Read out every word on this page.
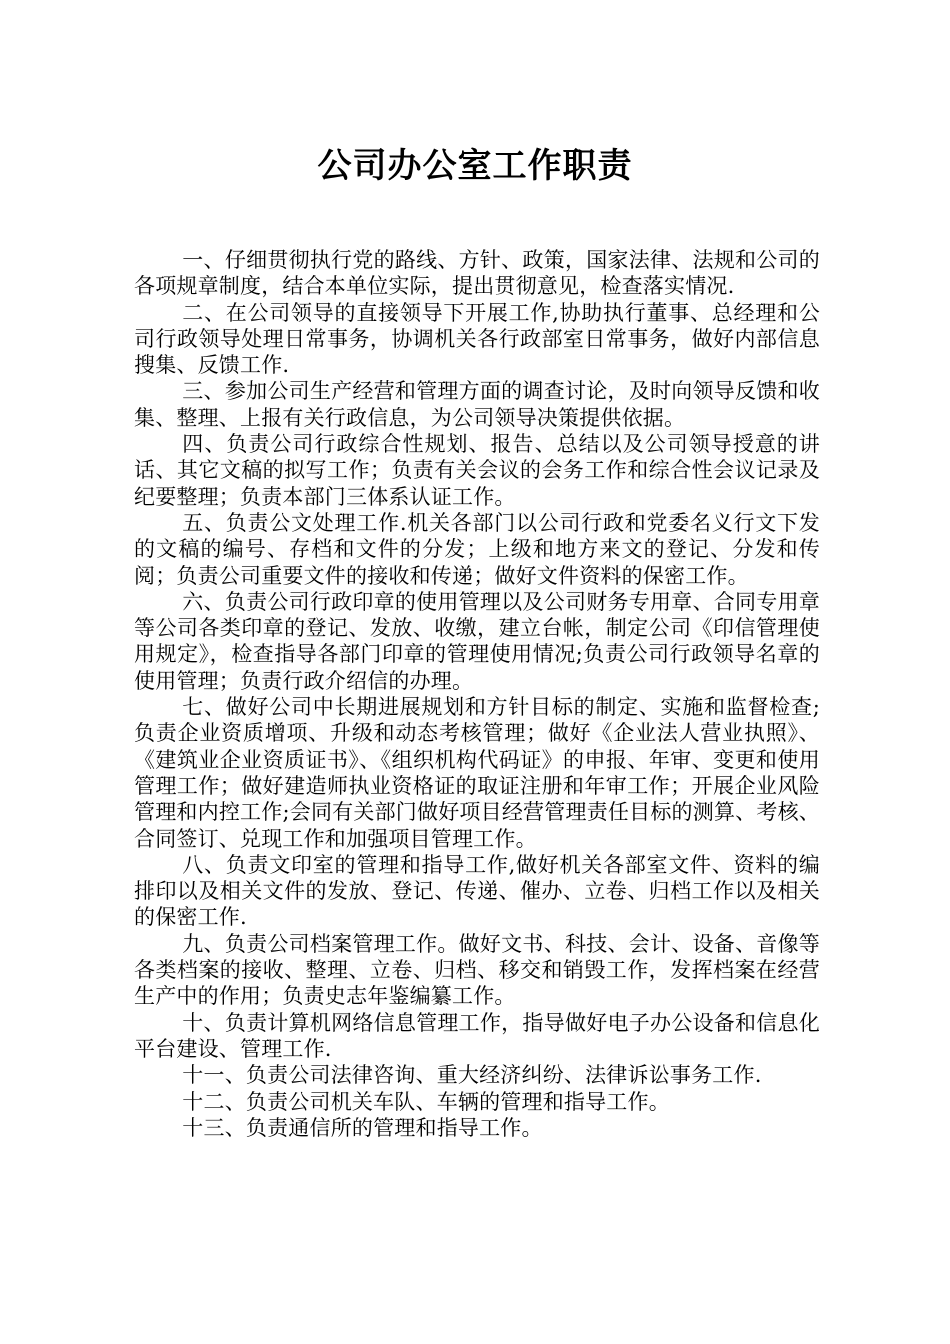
公司办公室工作职责

一、仔细贯彻执行党的路线、方针、政策，国家法律、法规和公司的各项规章制度，结合本单位实际，提出贯彻意见，检查落实情况.

二、在公司领导的直接领导下开展工作,协助执行董事、总经理和公司行政领导处理日常事务，协调机关各行政部室日常事务，做好内部信息搜集、反馈工作.

三、参加公司生产经营和管理方面的调查讨论，及时向领导反馈和收集、整理、上报有关行政信息，为公司领导决策提供依据。

四、负责公司行政综合性规划、报告、总结以及公司领导授意的讲话、其它文稿的拟写工作；负责有关会议的会务工作和综合性会议记录及纪要整理；负责本部门三体系认证工作。

五、负责公文处理工作.机关各部门以公司行政和党委名义行文下发的文稿的编号、存档和文件的分发；上级和地方来文的登记、分发和传阅；负责公司重要文件的接收和传递；做好文件资料的保密工作。

六、负责公司行政印章的使用管理以及公司财务专用章、合同专用章等公司各类印章的登记、发放、收缴，建立台帐，制定公司《印信管理使用规定》，检查指导各部门印章的管理使用情况;负责公司行政领导名章的使用管理；负责行政介绍信的办理。

七、做好公司中长期进展规划和方针目标的制定、实施和监督检查;负责企业资质增项、升级和动态考核管理；做好《企业法人营业执照》、《建筑业企业资质证书》、《组织机构代码证》的申报、年审、变更和使用管理工作；做好建造师执业资格证的取证注册和年审工作；开展企业风险管理和内控工作;会同有关部门做好项目经营管理责任目标的测算、考核、合同签订、兑现工作和加强项目管理工作。

八、负责文印室的管理和指导工作,做好机关各部室文件、资料的编排印以及相关文件的发放、登记、传递、催办、立卷、归档工作以及相关的保密工作.

九、负责公司档案管理工作。做好文书、科技、会计、设备、音像等各类档案的接收、整理、立卷、归档、移交和销毁工作，发挥档案在经营生产中的作用；负责史志年鉴编纂工作。

十、负责计算机网络信息管理工作，指导做好电子办公设备和信息化平台建设、管理工作.

十一、负责公司法律咨询、重大经济纠纷、法律诉讼事务工作.

十二、负责公司机关车队、车辆的管理和指导工作。

十三、负责通信所的管理和指导工作。
